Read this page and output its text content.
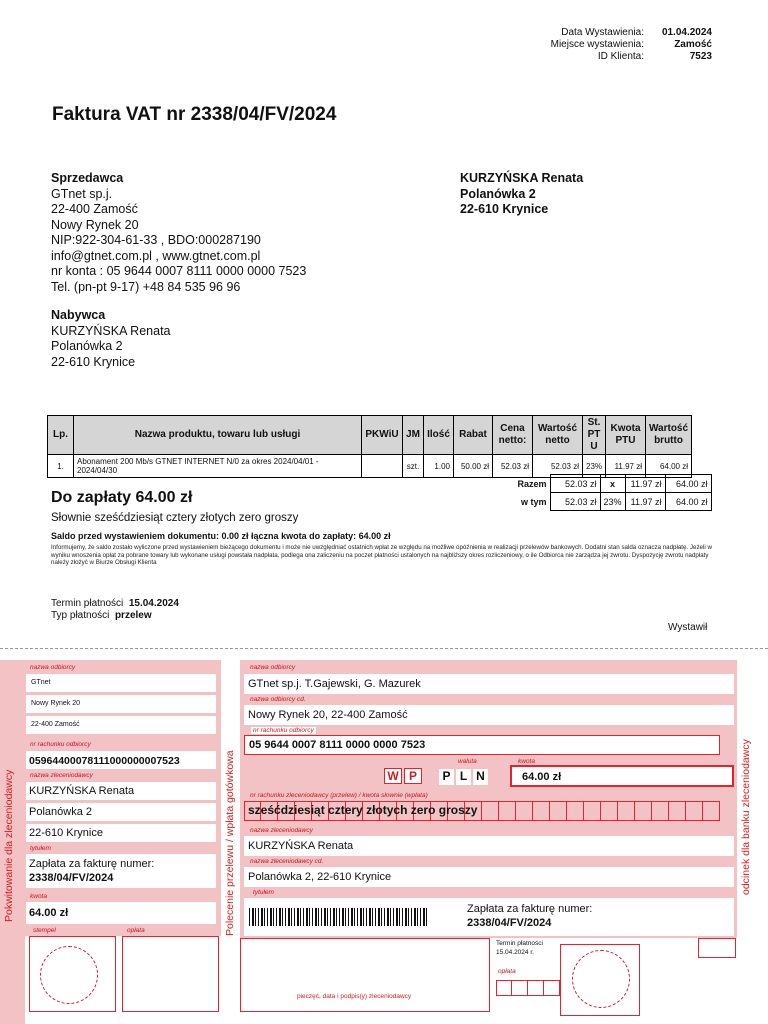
Data Wystawienia: 01.04.2024
Miejsce wystawienia:	Zamość
ID Klienta:	7523
Faktura VAT nr 2338/04/FV/2024
Sprzedawca
GTnet sp.j.
22-400 Zamość
Nowy Rynek 20
NIP:922-304-61-33 , BDO:000287190
info@gtnet.com.pl , www.gtnet.com.pl
nr konta : 05 9644 0007 8111 0000 0000 7523
Tel. (pn-pt 9-17) +48 84 535 96 96
KURZYŃSKA Renata
Polanówka 2
22-610 Krynice
Nabywca
KURZYŃSKA Renata
Polanówka 2
22-610 Krynice
Lp.	Nazwa produktu, towaru lub usługi	PKWiU	JM	Ilość	Rabat	Cena netto:	Wartość netto	St. PT U	Kwota PTU	Wartość brutto
1.	Abonament 200 Mb/s GTNET INTERNET N/0 za okres 2024/04/01 - 2024/04/30		szt.	1.00	50.00 zł	52.03 zł	52.03 zł	23%	11.97 zł	64.00 zł
Razem	52.03 zł	x	11.97 zł	64.00 zł
w tym	52.03 zł	23%	11.97 zł	64.00 zł
Do zapłaty 64.00 zł
Słownie sześćdziesiąt cztery złotych zero groszy
Saldo przed wystawieniem dokumentu: 0.00 zł łączna kwota do zapłaty: 64.00 zł
Informujemy, że saldo zostało wyliczone przed wystawieniem bieżącego dokumentu i może nie uwzględniać ostatnich wpłat ze względu na możliwe opóźnienia w realizacji przelewów bankowych. Dodatni stan salda oznacza nadpłatę. Jeżeli w wyniku wnoszenia opłat za pobrane towary lub wykonane usługi powstała nadpłata, podlega ona zaliczeniu na poczet płatności ustalonych na najbliższy okres rozliczeniowy, o ile Odbiorca nie zarządza jej zwrotu. Dyspozycję zwrotu nadpłaty należy złożyć w Biurze Obsługi Klienta
Termin płatności 15.04.2024
Typ płatności przelew
Wystawił
Pokwitowanie dla zleceniodawcy
nazwa odbiorcy
GTnet
Nowy Rynek 20
22-400 Zamość
nr rachunku odbiorcy
05964400078111000000007523
nazwa zleceniodawcy
KURZYŃSKA Renata
Polanówka 2
22-610 Krynice
tytułem
Zapłata za fakturę numer:
2338/04/FV/2024
kwota
64.00 zł
stempel	opłata	Polecenie przelewu / wpłata gotówkowa
nazwa odbiorcy
GTnet sp.j. T.Gajewski, G. Mazurek
nazwa odbiorcy cd.
Nowy Rynek 20, 22-400 Zamość
nr rachunku odbiorcy
05 9644 0007 8111 0000 0000 7523
W P
waluta
P L N
kwota
64.00 zł
nr rachunku zleceniodawcy (przelew) / kwota słownie (wpłata)
sześćdziesiąt cztery złotych zero groszy
nazwa zleceniodawcy
KURZYŃSKA Renata
nazwa zleceniodawcy cd.
Polanówka 2, 22-610 Krynice
tytułem
Zapłata za fakturę numer:
2338/04/FV/2024
pieczęć, data i podpis(y) zleceniodawcy
Termin płatności
15.04.2024 r.
opłata
odcinek dla banku zleceniodawcy
